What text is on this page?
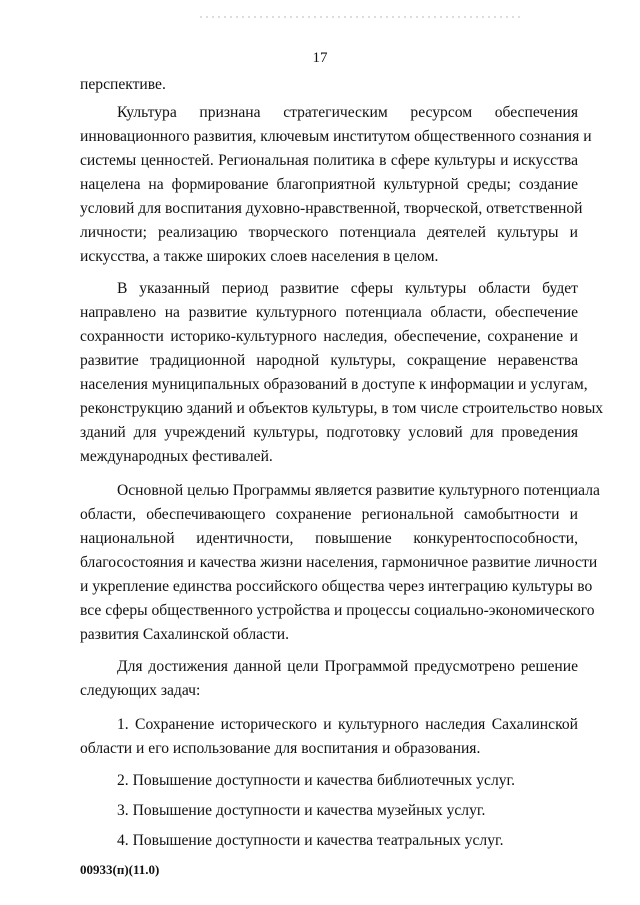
17
перспективе.
Культура признана стратегическим ресурсом обеспечения
инновационного развития, ключевым институтом общественного сознания и
системы ценностей. Региональная политика в сфере культуры и искусства
нацелена на формирование благоприятной культурной среды; создание
условий для воспитания духовно-нравственной, творческой, ответственной
личности; реализацию творческого потенциала деятелей культуры и
искусства, а также широких слоев населения в целом.
В указанный период развитие сферы культуры области будет
направлено на развитие культурного потенциала области, обеспечение
сохранности историко-культурного наследия, обеспечение, сохранение и
развитие традиционной народной культуры, сокращение неравенства
населения муниципальных образований в доступе к информации и услугам,
реконструкцию зданий и объектов культуры, в том числе строительство новых
зданий для учреждений культуры, подготовку условий для проведения
международных фестивалей.
Основной целью Программы является развитие культурного потенциала
области, обеспечивающего сохранение региональной самобытности и
национальной идентичности, повышение конкурентоспособности,
благосостояния и качества жизни населения, гармоничное развитие личности
и укрепление единства российского общества через интеграцию культуры во
все сферы общественного устройства и процессы социально-экономического
развития Сахалинской области.
Для достижения данной цели Программой предусмотрено решение
следующих задач:
1. Сохранение исторического и культурного наследия Сахалинской
области и его использование для воспитания и образования.
2. Повышение доступности и качества библиотечных услуг.
3. Повышение доступности и качества музейных услуг.
4. Повышение доступности и качества театральных услуг.
00933(п)(11.0)
